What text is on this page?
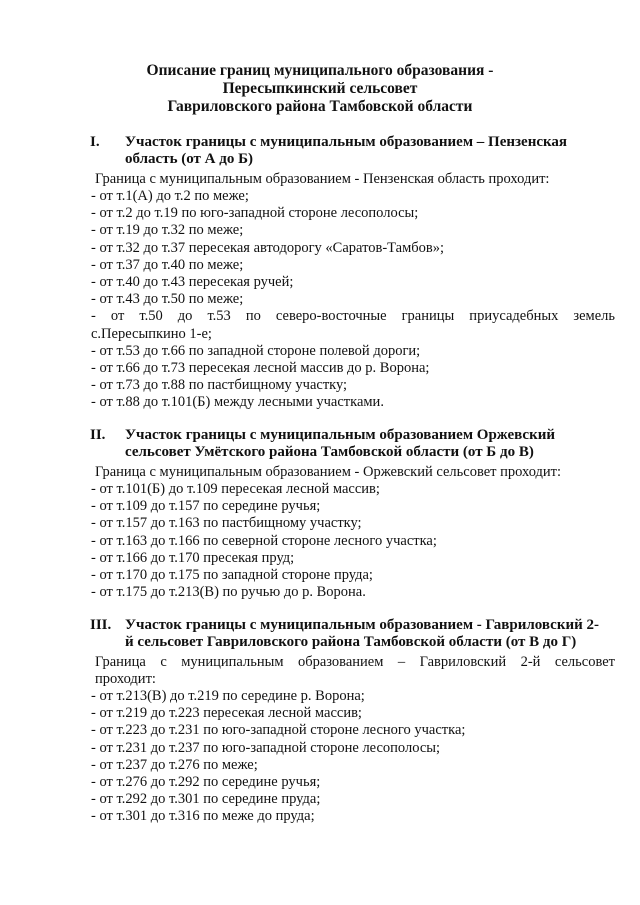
Описание границ муниципального образования -
Пересыпкинский сельсовет
Гавриловского района Тамбовской области
I. Участок границы с муниципальным образованием – Пензенская
область (от А до Б)
Граница с муниципальным образованием - Пензенская область проходит:
- от т.1(А) до т.2 по меже;
- от т.2 до т.19 по юго-западной стороне лесополосы;
- от т.19 до т.32 по меже;
- от т.32 до т.37 пересекая автодорогу «Саратов-Тамбов»;
- от т.37 до т.40 по меже;
- от т.40 до т.43 пересекая ручей;
- от т.43 до т.50 по меже;
- от т.50 до т.53 по северо-восточные границы приусадебных земель
с.Пересыпкино 1-е;
- от т.53 до т.66 по западной стороне полевой дороги;
- от т.66 до т.73 пересекая лесной массив до р. Ворона;
- от т.73 до т.88 по пастбищному участку;
- от т.88 до т.101(Б) между лесными участками.
II. Участок границы с муниципальным образованием Оржевский
сельсовет Умётского района Тамбовской области (от Б до В)
Граница с муниципальным образованием - Оржевский сельсовет проходит:
- от т.101(Б) до т.109 пересекая лесной массив;
- от т.109 до т.157 по середине ручья;
- от т.157 до т.163 по пастбищному участку;
- от т.163 до т.166 по северной стороне лесного участка;
- от т.166 до т.170 пресекая пруд;
- от т.170 до т.175 по западной стороне пруда;
- от т.175 до т.213(В) по ручью до р. Ворона.
III. Участок границы с муниципальным образованием - Гавриловский 2-
й сельсовет Гавриловского района Тамбовской области (от В до Г)
Граница с муниципальным образованием – Гавриловский 2-й сельсовет
проходит:
- от т.213(В) до т.219 по середине р. Ворона;
- от т.219 до т.223 пересекая лесной массив;
- от т.223 до т.231 по юго-западной стороне лесного участка;
- от т.231 до т.237 по юго-западной стороне лесополосы;
- от т.237 до т.276 по меже;
- от т.276 до т.292 по середине ручья;
- от т.292 до т.301 по середине пруда;
- от т.301 до т.316 по меже до пруда;
